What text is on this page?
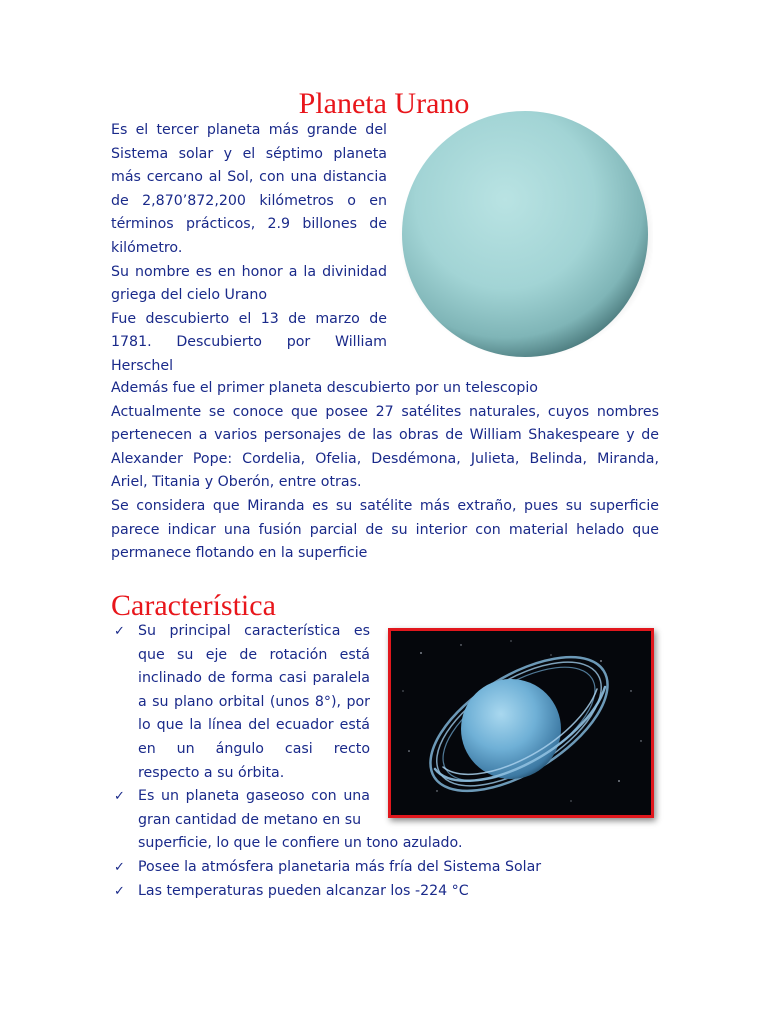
Planeta Urano

Es el tercer planeta más grande del Sistema solar y el séptimo planeta más cercano al Sol, con una distancia de 2,870’872,200 kilómetros o en términos prácticos, 2.9 billones de kilómetro.

Su nombre es en honor a la divinidad griega del cielo Urano

Fue descubierto el 13 de marzo de 1781. Descubierto por William Herschel

Además fue el primer planeta descubierto por un telescopio

Actualmente se conoce que posee 27 satélites naturales, cuyos nombres pertenecen a varios personajes de las obras de William Shakespeare y de Alexander Pope: Cordelia, Ofelia, Desdémona, Julieta, Belinda, Miranda, Ariel, Titania y Oberón, entre otras.

Se considera que Miranda es su satélite más extraño, pues su superficie parece indicar una fusión parcial de su interior con material helado que permanece flotando en la superficie

Característica
✓ Su principal característica es que su eje de rotación está inclinado de forma casi paralela a su plano orbital (unos 8°), por lo que la línea del ecuador está en un ángulo casi recto respecto a su órbita.
✓ Es un planeta gaseoso con una gran cantidad de metano en su
superficie, lo que le confiere un tono azulado.
✓ Posee la atmósfera planetaria más fría del Sistema Solar
✓ Las temperaturas pueden alcanzar los -224 °C
